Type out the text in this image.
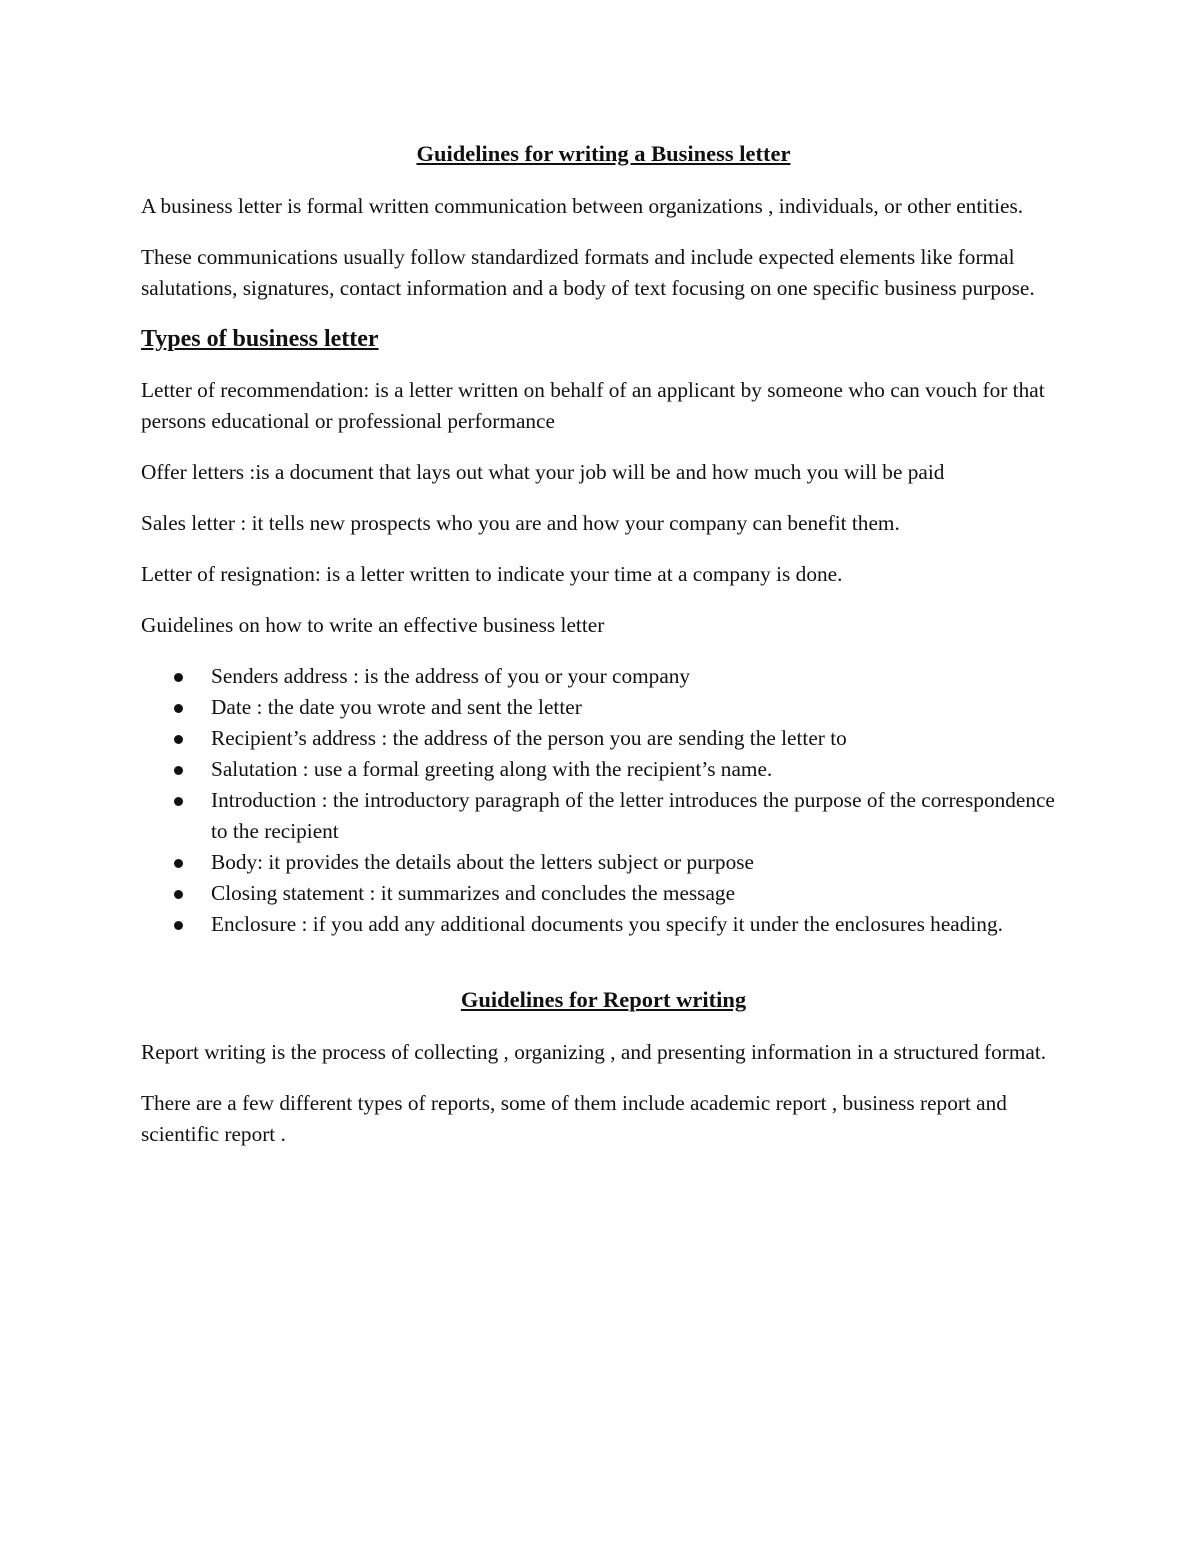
Guidelines for writing a Business letter

A business letter is formal written communication between organizations , individuals, or other entities.

These communications usually follow standardized formats and include expected elements like formal salutations, signatures, contact information and a body of text focusing on one specific business purpose.

Types of business letter

Letter of recommendation: is a letter written on behalf of an applicant by someone who can vouch for that persons educational or professional performance

Offer letters :is a document that lays out what your job will be and how much you will be paid

Sales letter : it tells new prospects who you are and how your company can benefit them.

Letter of resignation: is a letter written to indicate your time at a company is done.

Guidelines on how to write an effective business letter

Senders address : is the address of you or your company
Date : the date you wrote and sent the letter
Recipient’s address : the address of the person you are sending the letter to
Salutation : use a formal greeting along with the recipient’s name.
Introduction : the introductory paragraph of the letter introduces the purpose of the correspondence to the recipient
Body: it provides the details about the letters subject or purpose
Closing statement : it summarizes and concludes the message
Enclosure : if you add any additional documents you specify it under the enclosures heading.
Guidelines for Report writing

Report writing is the process of collecting , organizing , and presenting information in a structured format.

There are a few different types of reports, some of them include academic report , business report and scientific report .
